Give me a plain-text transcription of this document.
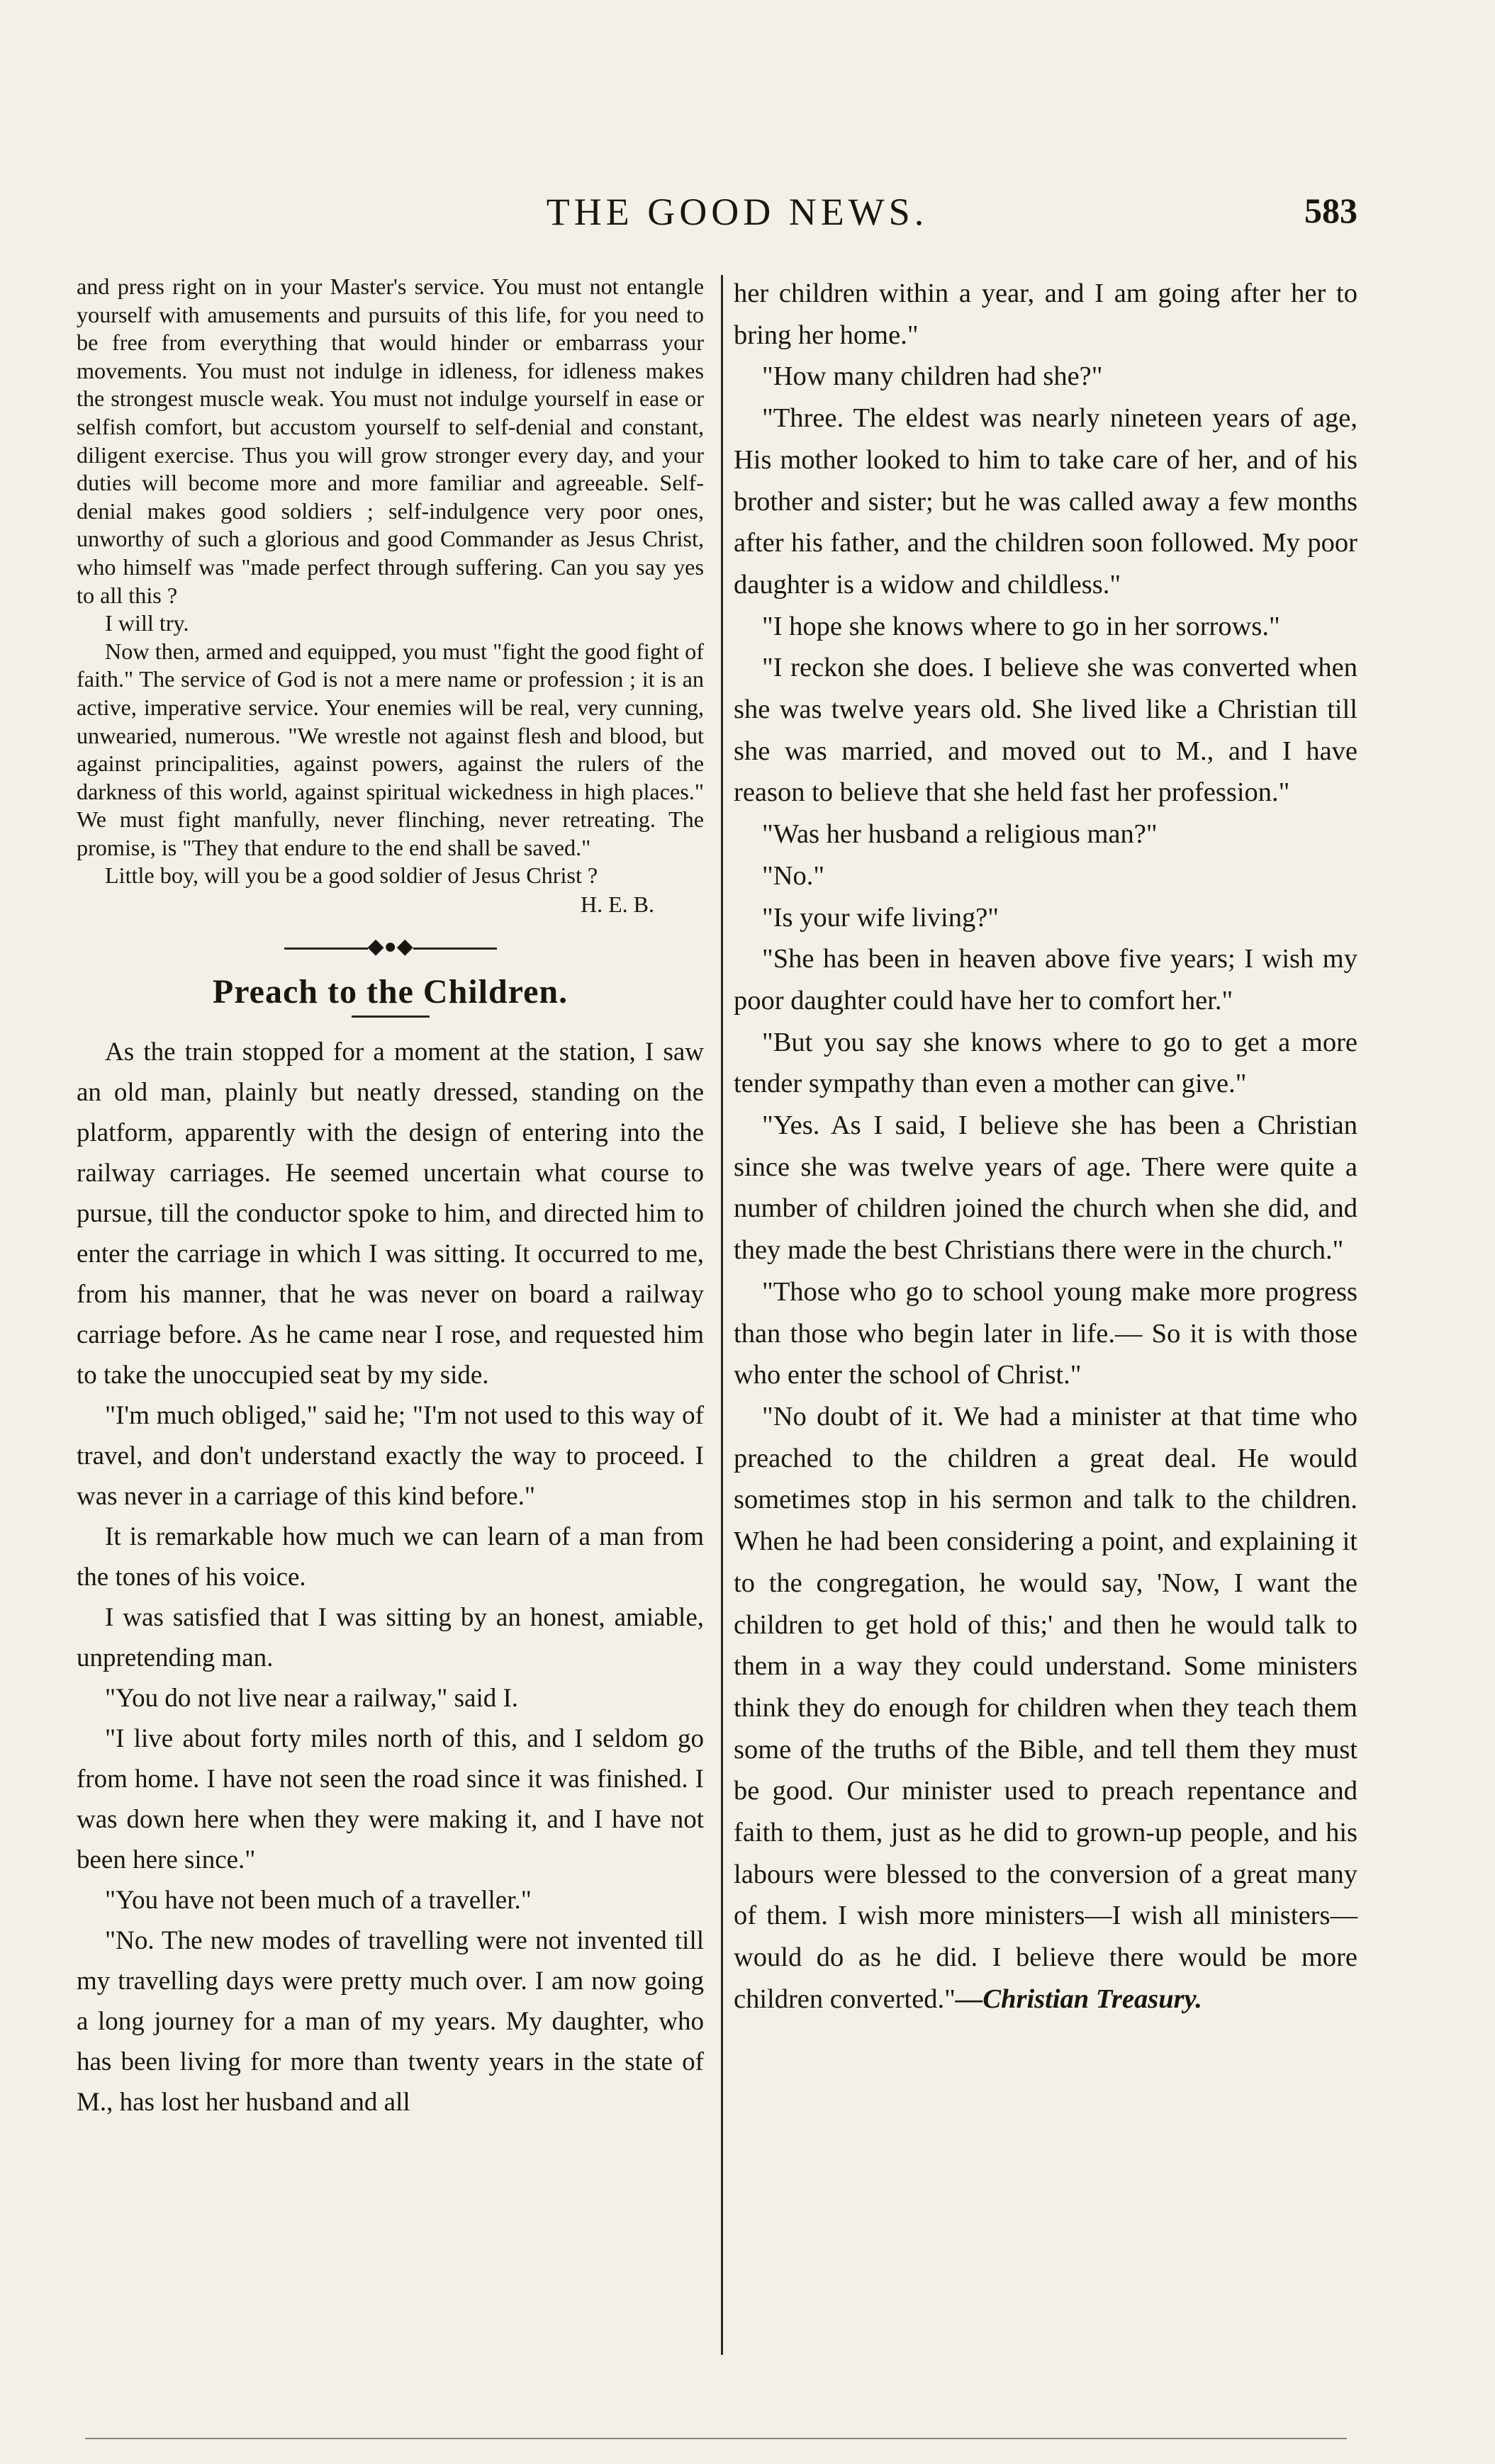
THE GOOD NEWS.	583

and press right on in your Master's service. You must not entangle yourself with amusements and pursuits of this life, for you need to be free from everything that would hinder or embarrass your movements. You must not indulge in idleness, for idleness makes the strongest muscle weak. You must not indulge yourself in ease or selfish comfort, but accustom yourself to self-denial and constant, diligent exercise. Thus you will grow stronger every day, and your duties will become more and more familiar and agreeable. Self-denial makes good soldiers ; self-indulgence very poor ones, unworthy of such a glorious and good Commander as Jesus Christ, who himself was "made perfect through suffering. Can you say yes to all this ?

I will try.

Now then, armed and equipped, you must "fight the good fight of faith." The service of God is not a mere name or profession ; it is an active, imperative service. Your enemies will be real, very cunning, unwearied, numerous. "We wrestle not against flesh and blood, but against principalities, against powers, against the rulers of the darkness of this world, against spiritual wickedness in high places." We must fight manfully, never flinching, never retreating. The promise, is "They that endure to the end shall be saved."

Little boy, will you be a good soldier of Jesus Christ ?

H. E. B.
◆●◆
Preach to the Children.

As the train stopped for a moment at the station, I saw an old man, plainly but neatly dressed, standing on the platform, apparently with the design of entering into the railway carriages. He seemed uncertain what course to pursue, till the conductor spoke to him, and directed him to enter the carriage in which I was sitting. It occurred to me, from his manner, that he was never on board a railway carriage before. As he came near I rose, and requested him to take the unoccupied seat by my side.

"I'm much obliged," said he; "I'm not used to this way of travel, and don't understand exactly the way to proceed. I was never in a carriage of this kind before."

It is remarkable how much we can learn of a man from the tones of his voice.

I was satisfied that I was sitting by an honest, amiable, unpretending man.

"You do not live near a railway," said I.

"I live about forty miles north of this, and I seldom go from home. I have not seen the road since it was finished. I was down here when they were making it, and I have not been here since."

"You have not been much of a traveller."

"No. The new modes of travelling were not invented till my travelling days were pretty much over. I am now going a long journey for a man of my years. My daughter, who has been living for more than twenty years in the state of M., has lost her husband and all

her children within a year, and I am going after her to bring her home."

"How many children had she?"

"Three. The eldest was nearly nineteen years of age, His mother looked to him to take care of her, and of his brother and sister; but he was called away a few months after his father, and the children soon followed. My poor daughter is a widow and childless."

"I hope she knows where to go in her sorrows."

"I reckon she does. I believe she was converted when she was twelve years old. She lived like a Christian till she was married, and moved out to M., and I have reason to believe that she held fast her profession."

"Was her husband a religious man?"

"No."

"Is your wife living?"

"She has been in heaven above five years; I wish my poor daughter could have her to comfort her."

"But you say she knows where to go to get a more tender sympathy than even a mother can give."

"Yes. As I said, I believe she has been a Christian since she was twelve years of age. There were quite a number of children joined the church when she did, and they made the best Christians there were in the church."

"Those who go to school young make more progress than those who begin later in life.— So it is with those who enter the school of Christ."

"No doubt of it. We had a minister at that time who preached to the children a great deal. He would sometimes stop in his sermon and talk to the children. When he had been considering a point, and explaining it to the congregation, he would say, 'Now, I want the children to get hold of this;' and then he would talk to them in a way they could understand. Some ministers think they do enough for children when they teach them some of the truths of the Bible, and tell them they must be good. Our minister used to preach repentance and faith to them, just as he did to grown-up people, and his labours were blessed to the conversion of a great many of them. I wish more ministers—I wish all ministers—would do as he did. I believe there would be more children converted."—Christian Treasury.
